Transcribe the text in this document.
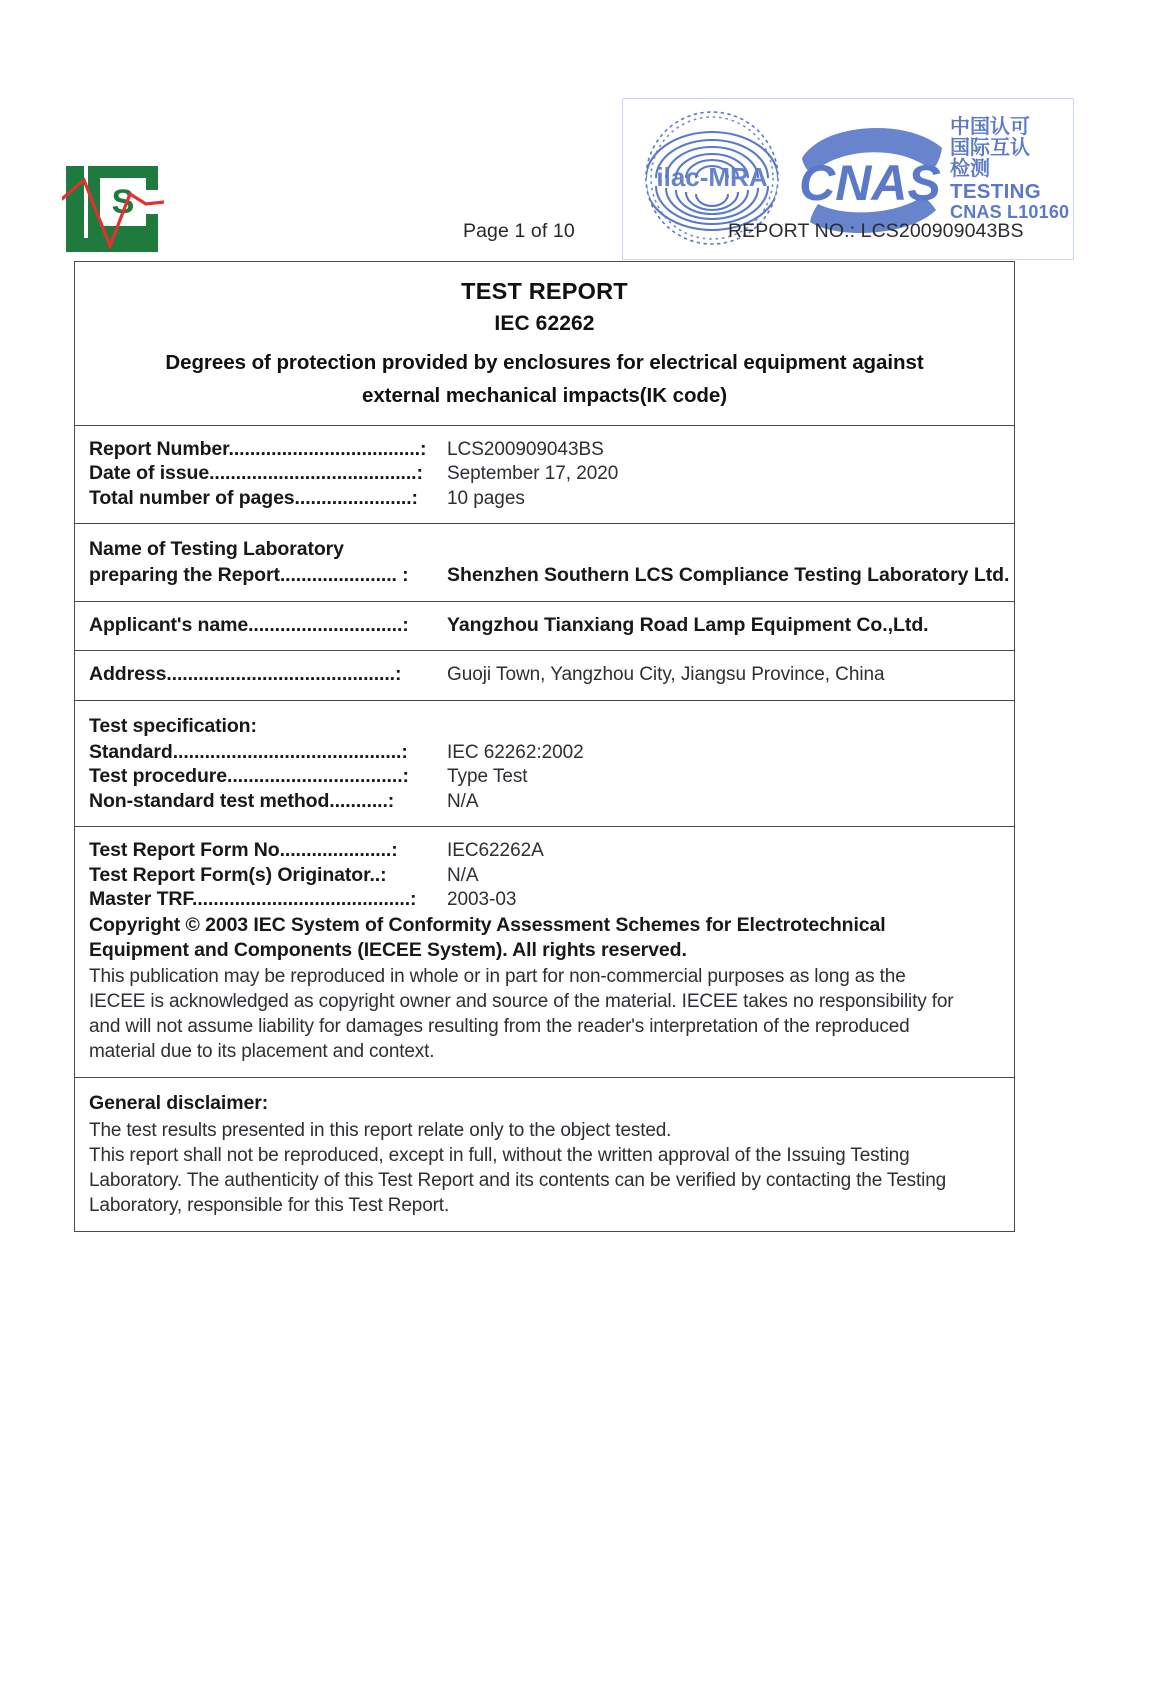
S
Page 1 of 10	REPORT NO.: LCS200909043BS
ilac-MRA CNAS
中国认可
国际互认
检测
TESTING
CNAS L10160
TEST REPORT
IEC 62262
Degrees of protection provided by enclosures for electrical equipment against
external mechanical impacts(IK code)
Report Number....................................:	LCS200909043BS
Date of issue.......................................:	September 17, 2020
Total number of pages......................:	10 pages
Name of Testing Laboratory
preparing the Report...................... :	Shenzhen Southern LCS Compliance Testing Laboratory Ltd.
Applicant's name.............................:	Yangzhou Tianxiang Road Lamp Equipment Co.,Ltd.
Address...........................................:	Guoji Town, Yangzhou City, Jiangsu Province, China
Test specification:
Standard...........................................:	IEC 62262:2002
Test procedure.................................:	Type Test
Non-standard test method...........:	N/A
Test Report Form No.....................:	IEC62262A
Test Report Form(s) Originator..:	N/A
Master TRF.........................................:	2003-03
Copyright © 2003 IEC System of Conformity Assessment Schemes for Electrotechnical
Equipment and Components (IECEE System). All rights reserved.
This publication may be reproduced in whole or in part for non-commercial purposes as long as the
IECEE is acknowledged as copyright owner and source of the material. IECEE takes no responsibility for
and will not assume liability for damages resulting from the reader's interpretation of the reproduced
material due to its placement and context.
General disclaimer:
The test results presented in this report relate only to the object tested.
This report shall not be reproduced, except in full, without the written approval of the Issuing Testing
Laboratory. The authenticity of this Test Report and its contents can be verified by contacting the Testing
Laboratory, responsible for this Test Report.
